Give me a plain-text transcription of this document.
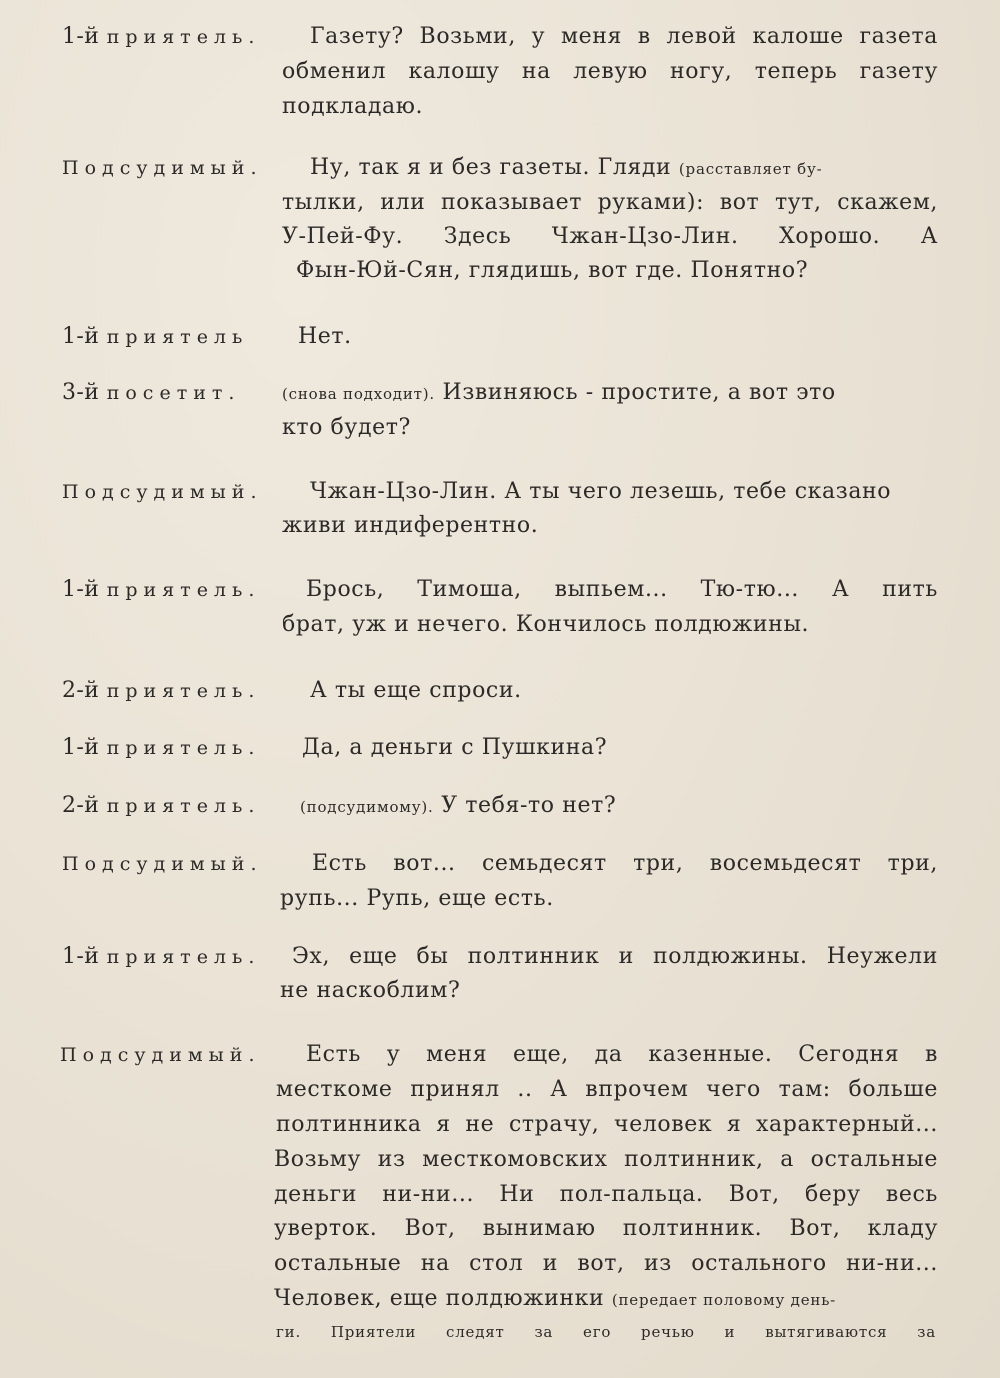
1-й приятель. Газету? Возьми, у меня в левой калоше газета
обменил калошу на левую ногу, теперь газету
подкладаю.
Подсудимый. Ну, так я и без газеты. Гляди (расставляет бу-
тылки, или показывает руками): вот тут, скажем,
У-Пей-Фу. Здесь Чжан-Цзо-Лин. Хорошо. А
Фын-Юй-Сян, глядишь, вот где. Понятно?
1-й приятель Нет.
3-й посетит.	(снова подходит). Извиняюсь - простите, а вот это
кто будет?
Подсудимый. Чжан-Цзо-Лин. А ты чего лезешь, тебе сказано
живи индиферентно.
1-й приятель. Брось, Тимоша, выпьем... Тю-тю... А пить
брат, уж и нечего. Кончилось полдюжины.
2-й приятель. А ты еще спроси.
1-й приятель. Да, а деньги с Пушкина?
2-й приятель.	(подсудимому). У тебя-то нет?
Подсудимый. Есть вот... семьдесят три, восемьдесят три,
рупь... Рупь, еще есть.
1-й приятель. Эх, еще бы полтинник и полдюжины. Неужели
не наскоблим?
Подсудимый. Есть у меня еще, да казенные. Сегодня в
месткоме принял .. А впрочем чего там: больше
полтинника я не страчу, человек я характерный...
Возьму из месткомовских полтинник, а остальные
деньги ни-ни... Ни пол-пальца. Вот, беру весь
уверток. Вот, вынимаю полтинник. Вот, кладу
остальные на стол и вот, из остального ни-ни...
Человек, еще полдюжинки (передает половому день-
ги. Приятели следят за его речью и вытягиваются за
